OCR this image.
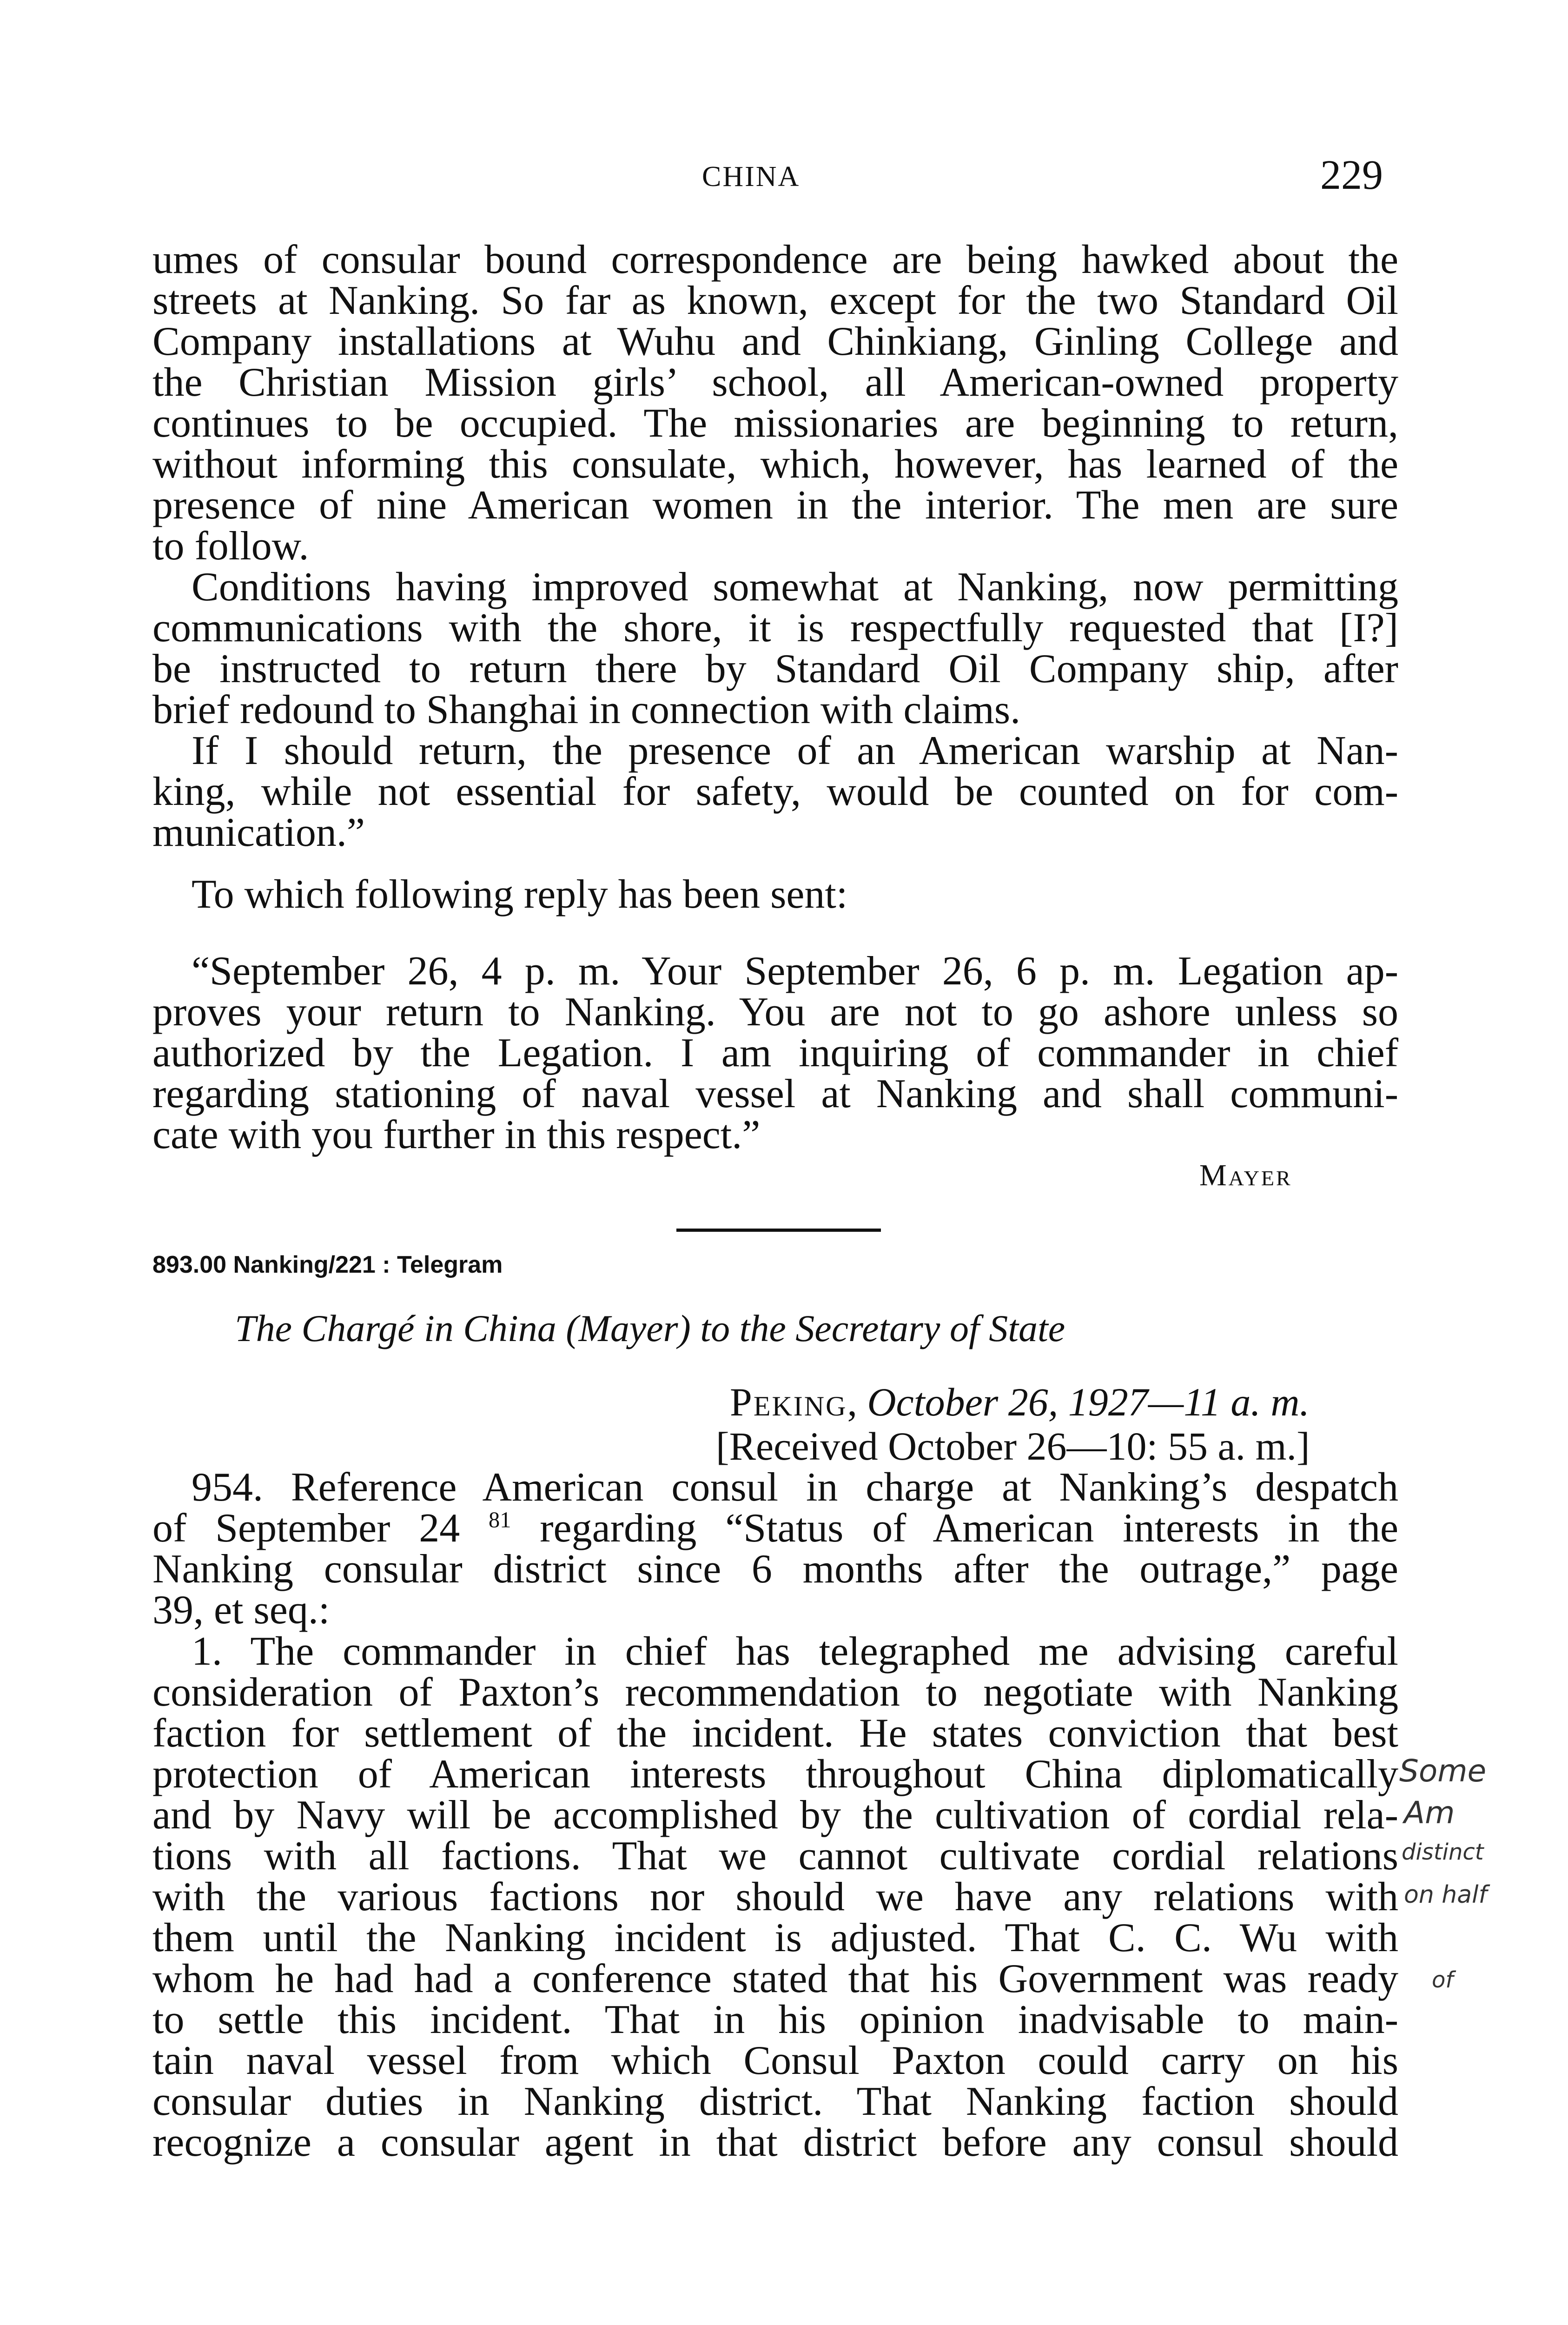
CHINA	229
umes of consular bound correspondence are being hawked about the
streets at Nanking. So far as known, except for the two Standard Oil
Company installations at Wuhu and Chinkiang, Ginling College and
the Christian Mission girls’ school, all American-owned property
continues to be occupied. The missionaries are beginning to return,
without informing this consulate, which, however, has learned of the
presence of nine American women in the interior. The men are sure
to follow.
Conditions having improved somewhat at Nanking, now permitting
communications with the shore, it is respectfully requested that [I?]
be instructed to return there by Standard Oil Company ship, after
brief redound to Shanghai in connection with claims.
If I should return, the presence of an American warship at Nan-
king, while not essential for safety, would be counted on for com-
munication.”
To which following reply has been sent:
“September 26, 4 p. m. Your September 26, 6 p. m. Legation ap-
proves your return to Nanking. You are not to go ashore unless so
authorized by the Legation. I am inquiring of commander in chief
regarding stationing of naval vessel at Nanking and shall communi-
cate with you further in this respect.”
Mayer
893.00 Nanking/221 : Telegram
The Chargé in China (Mayer) to the Secretary of State
Peking, October 26, 1927—11 a. m.
[Received October 26—10: 55 a. m.]
954. Reference American consul in charge at Nanking’s despatch
of September 24 $^{81}$ regarding “Status of American interests in the
Nanking consular district since 6 months after the outrage,” page
39, et seq.:
1. The commander in chief has telegraphed me advising careful
consideration of Paxton’s recommendation to negotiate with Nanking
faction for settlement of the incident. He states conviction that best
protection of American interests throughout China diplomatically
and by Navy will be accomplished by the cultivation of cordial rela-
tions with all factions. That we cannot cultivate cordial relations
with the various factions nor should we have any relations with
them until the Nanking incident is adjusted. That C. C. Wu with
whom he had had a conference stated that his Government was ready
to settle this incident. That in his opinion inadvisable to main-
tain naval vessel from which Consul Paxton could carry on his
consular duties in Nanking district. That Nanking faction should
recognize a consular agent in that district before any consul should
Some
Am
distinct
on half
of
